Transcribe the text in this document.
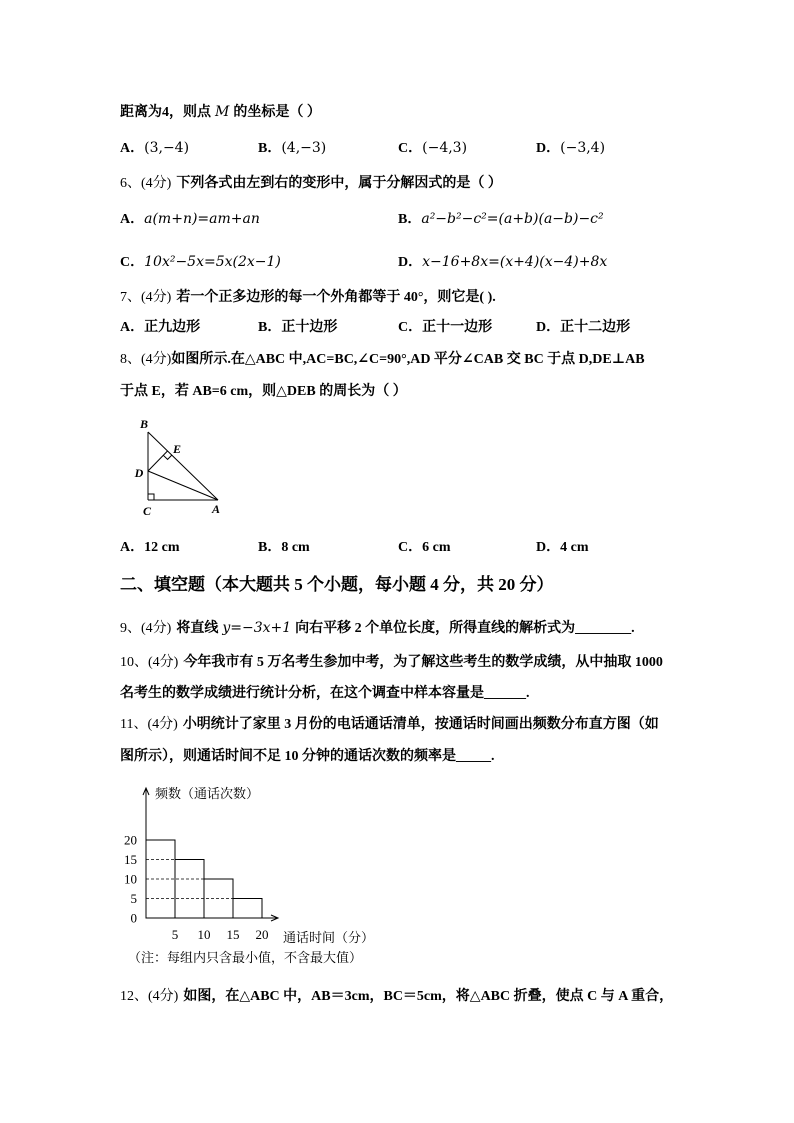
距离为4，则点 M 的坐标是（ ）
A．(3,−4)	B．(4,−3)	C．(−4,3)	D．(−3,4)
6、(4分) 下列各式由左到右的变形中，属于分解因式的是（ ）
A．a(m+n)=am+an	B．a²−b²−c²=(a+b)(a−b)−c²
C．10x²−5x=5x(2x−1)	D．x−16+8x=(x+4)(x−4)+8x
7、(4分) 若一个正多边形的每一个外角都等于 40°，则它是( ).
A．正九边形	B．正十边形	C．正十一边形	D．正十二边形
8、(4分)如图所示.在△ABC 中,AC=BC,∠C=90°,AD 平分∠CAB 交 BC 于点 D,DE⊥AB
于点 E，若 AB=6 cm，则△DEB 的周长为（ ）
B
E
D
C	A
A．12 cm	B．8 cm	C．6 cm	D．4 cm
二、填空题（本大题共 5 个小题，每小题 4 分，共 20 分）
9、(4分) 将直线 y=−3x+1 向右平移 2 个单位长度，所得直线的解析式为________.
10、(4分) 今年我市有 5 万名考生参加中考，为了解这些考生的数学成绩，从中抽取 1000
名考生的数学成绩进行统计分析，在这个调查中样本容量是______.
11、(4分) 小明统计了家里 3 月份的电话通话清单，按通话时间画出频数分布直方图（如
图所示），则通话时间不足 10 分钟的通话次数的频率是_____.
0
5
10
15
20
5 10 15 20
频数（通话次数）
通话时间（分）
（注：每组内只含最小值，不含最大值）
12、(4分) 如图，在△ABC 中，AB＝3cm，BC＝5cm，将△ABC 折叠，使点 C 与 A 重合，
